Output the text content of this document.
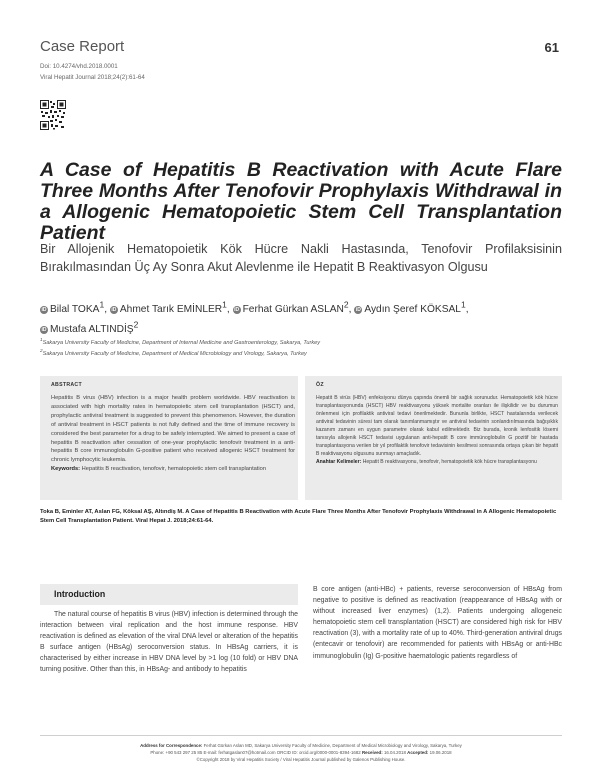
Case Report	61
Doi: 10.4274/vhd.2018.0001
Viral Hepatit Journal 2018;24(2):61-64
A Case of Hepatitis B Reactivation with Acute Flare Three Months After Tenofovir Prophylaxis Withdrawal in a Allogenic Hematopoietic Stem Cell Transplantation Patient
Bir Allojenik Hematopoietik Kök Hücre Nakli Hastasında, Tenofovir Profilaksisinin Bırakılmasından Üç Ay Sonra Akut Alevlenme ile Hepatit B Reaktivasyon Olgusu
iD Bilal TOKA$^1$, iD Ahmet Tarık EMİNLER$^1$, iD Ferhat Gürkan ASLAN$^2$, iD Aydın Şeref KÖKSAL$^1$,
iD Mustafa ALTINDİŞ$^2$
$^1$Sakarya University Faculty of Medicine, Department of Internal Medicine and Gastroenterology, Sakarya, Turkey
$^2$Sakarya University Faculty of Medicine, Department of Medical Microbiology and Virology, Sakarya, Turkey
ABSTRACT

Hepatitis B virus (HBV) infection is a major health problem worldwide. HBV reactivation is associated with high mortality rates in hematopoietic stem cell transplantation (HSCT) and, prophylactic antiviral treatment is suggested to prevent this phenomenon. However, the duration of antiviral treatment in HSCT patients is not fully defined and the time of immune recovery is considered the best parameter for a drug to be safely interrupted. We aimed to present a case of hepatitis B reactivation after cessation of one-year prophylactic tenofovir treatment in a anti-hepatitis B core immunoglobulin G-positive patient who received allogenic HSCT treatment for chronic lymphocytic leukemia.
Keywords: Hepatitis B reactivation, tenofovir, hematopoietic stem cell transplantation

ÖZ

Hepatit B virüs (HBV) enfeksiyonu dünya çapında önemli bir sağlık sorunudur. Hematopoietik kök hücre transplantasyonunda (HSCT) HBV reaktivasyonu yüksek mortalite oranları ile ilişkilidir ve bu durumun önlenmesi için profilaktik antiviral tedavi önerilmektedir. Bununla birlikte, HSCT hastalarında verilecek antiviral tedavinin süresi tam olarak tanımlanmamıştır ve antiviral tedavinin sonlandırılmasında bağışıklık kazanım zamanı en uygun parametre olarak kabul edilmektedir. Biz burada, kronik lenfositik lösemi tanısıyla allojenik HSCT tedavisi uygulanan anti-hepatit B core immünoglobulin G pozitif bir hastada transplantasyona veriien bir yıl profilaktik tenofovir tedavisinin kesilmesi sonrasında ortaya çıkan bir hepatit B reaktivasyonu olgusunu sunmayı amaçladık.
Anahtar Kelimeler: Hepatit B reaktivasyonu, tenofovir, hematopoietik kök hücre transplantasyonu

Toka B, Eminler AT, Aslan FG, Köksal AŞ, Altındiş M. A Case of Hepatitis B Reactivation with Acute Flare Three Months After Tenofovir Prophylaxis Withdrawal in A Allogenic Hematopoietic Stem Cell Transplantation Patient. Viral Hepat J. 2018;24:61-64.
Introduction

The natural course of hepatitis B virus (HBV) infection is determined through the interaction between viral replication and the host immune response. HBV reactivation is defined as elevation of the viral DNA level or alteration of the hepatitis B surface antigen (HBsAg) seroconversion status. In HBsAg carriers, it is characterised by either increase in HBV DNA level by >1 log (10 fold) or HBV DNA turning positive. Other than this, in HBsAg- and antibody to hepatitis

B core antigen (anti-HBc) + patients, reverse seroconversion of HBsAg from negative to positive is defined as reactivation (reappearance of HBsAg with or without increased liver enzymes) (1,2). Patients undergoing allogeneic hematopoietic stem cell transplantation (HSCT) are considered high risk for HBV reactivation (3), with a mortality rate of up to 40%. Third-generation antiviral drugs (entecavir or tenofovir) are recommended for patients with HBsAg or anti-HBc immunoglobulin (Ig) G-positive haematologic patients regardless of

Address for Correspondence: Ferhat Gürkan Aslan MD, Sakarya University Faculty of Medicine, Department of Medical Microbiology and Virology, Sakarya, Turkey
Phone: +90 543 297 25 85 E-mail: ferhatgaslan07@hotmail.com ORCID ID: orcid.org/0000-0001-8394-1682 Received: 16.04.2018 Accepted: 19.06.2018
©Copyright 2018 by Viral Hepatitis Society / Viral Hepatitis Journal published by Galenos Publishing House.
